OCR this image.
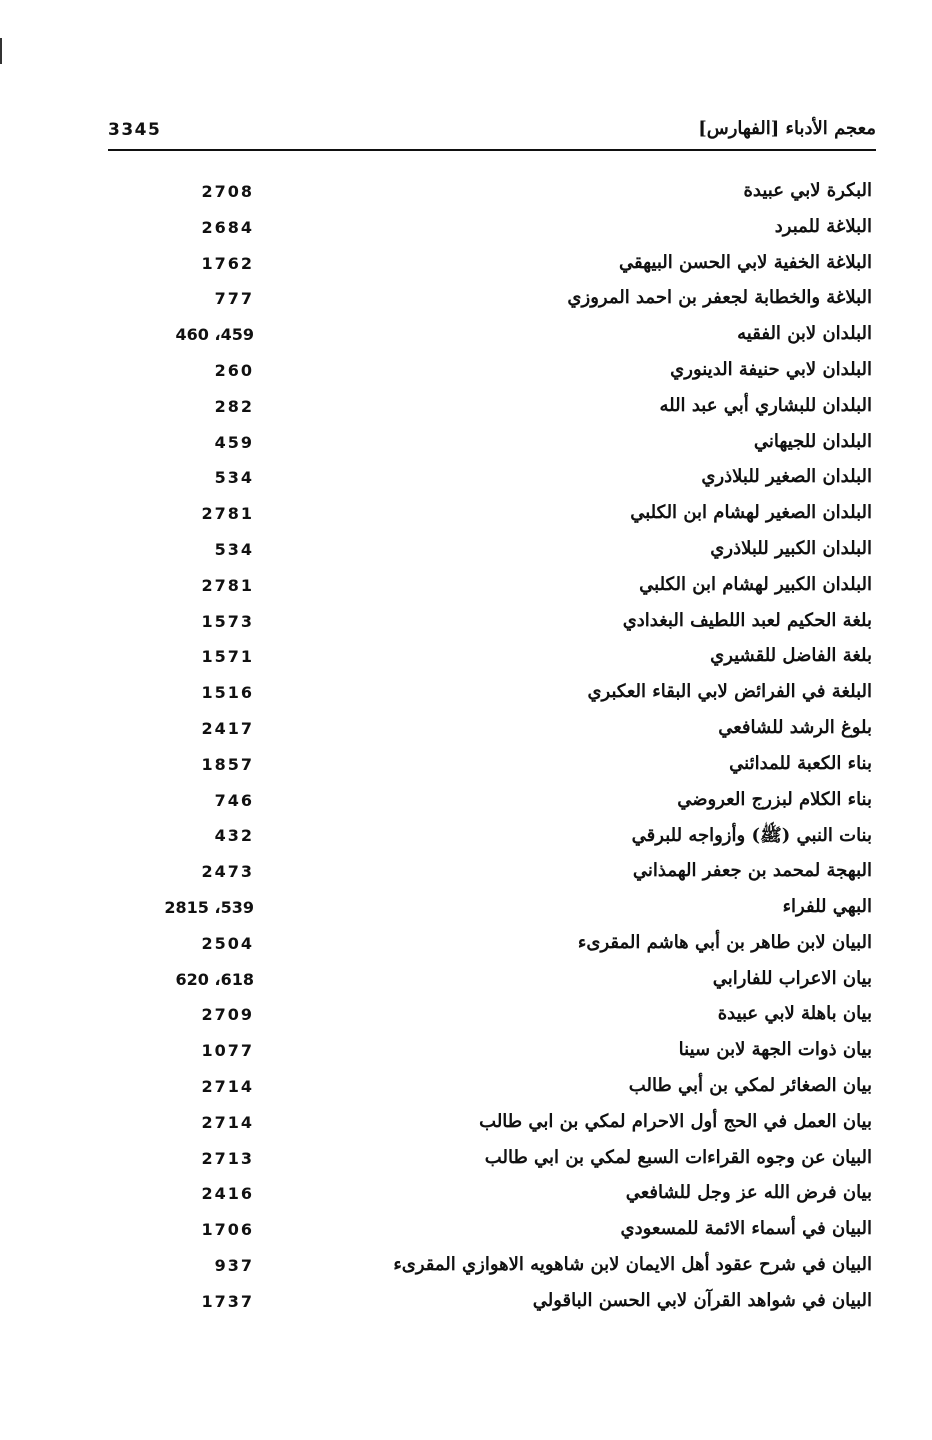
3345	معجم الأدباء [الفهارس]
البكرة لابي عبيدة
2708
البلاغة للمبرد
2684
البلاغة الخفية لابي الحسن البيهقي
1762
البلاغة والخطابة لجعفر بن احمد المروزي
777
البلدان لابن الفقيه
459، 460
البلدان لابي حنيفة الدينوري
260
البلدان للبشاري أبي عبد الله
282
البلدان للجيهاني
459
البلدان الصغير للبلاذري
534
البلدان الصغير لهشام ابن الكلبي
2781
البلدان الكبير للبلاذري
534
البلدان الكبير لهشام ابن الكلبي
2781
بلغة الحكيم لعبد اللطيف البغدادي
1573
بلغة الفاضل للقشيري
1571
البلغة في الفرائض لابي البقاء العكبري
1516
بلوغ الرشد للشافعي
2417
بناء الكعبة للمدائني
1857
بناء الكلام لبزرج العروضي
746
بنات النبي (ﷺ) وأزواجه للبرقي
432
البهجة لمحمد بن جعفر الهمذاني
2473
البهي للفراء
539، 2815
البيان لابن طاهر بن أبي هاشم المقرىء
2504
بيان الاعراب للفارابي
618، 620
بيان باهلة لابي عبيدة
2709
بيان ذوات الجهة لابن سينا
1077
بيان الصغائر لمكي بن أبي طالب
2714
بيان العمل في الحج أول الاحرام لمكي بن ابي طالب
2714
البيان عن وجوه القراءات السبع لمكي بن ابي طالب
2713
بيان فرض الله عز وجل للشافعي
2416
البيان في أسماء الائمة للمسعودي
1706
البيان في شرح عقود أهل الايمان لابن شاهويه الاهوازي المقرىء
937
البيان في شواهد القرآن لابي الحسن الباقولي
1737
